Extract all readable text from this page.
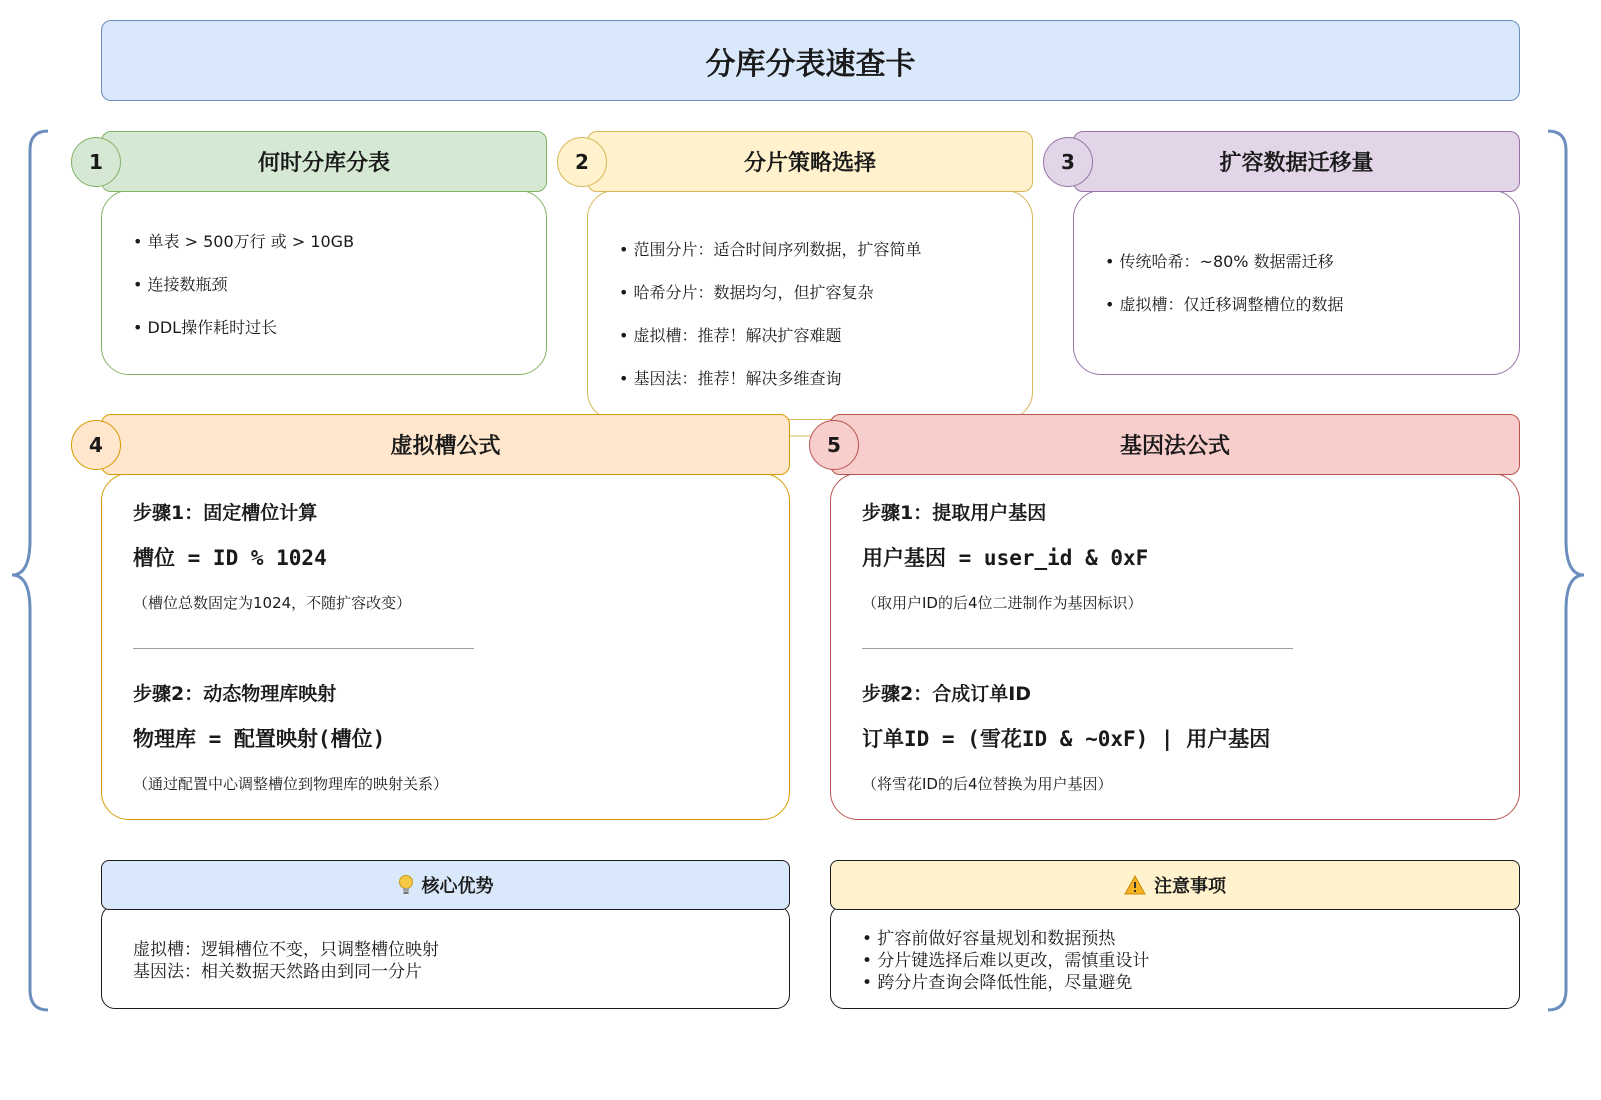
分库分表速查卡
• 单表 > 500万行 或 > 10GB
• 连接数瓶颈
• DDL操作耗时过长
何时分库分表
1
• 范围分片：适合时间序列数据，扩容简单
• 哈希分片：数据均匀，但扩容复杂
• 虚拟槽：推荐！解决扩容难题
• 基因法：推荐！解决多维查询
分片策略选择
2
• 传统哈希：~80% 数据需迁移
• 虚拟槽：仅迁移调整槽位的数据
扩容数据迁移量
3
步骤1：固定槽位计算
槽位 = ID % 1024
（槽位总数固定为1024，不随扩容改变）
步骤2：动态物理库映射
物理库 = 配置映射(槽位)
（通过配置中心调整槽位到物理库的映射关系）
虚拟槽公式
4
步骤1：提取用户基因
用户基因 = user_id & 0xF
（取用户ID的后4位二进制作为基因标识）
步骤2：合成订单ID
订单ID = (雪花ID & ~0xF) | 用户基因
（将雪花ID的后4位替换为用户基因）
基因法公式
5
虚拟槽：逻辑槽位不变，只调整槽位映射
基因法：相关数据天然路由到同一分片
核心优势
• 扩容前做好容量规划和数据预热
• 分片键选择后难以更改，需慎重设计
• 跨分片查询会降低性能，尽量避免
注意事项
